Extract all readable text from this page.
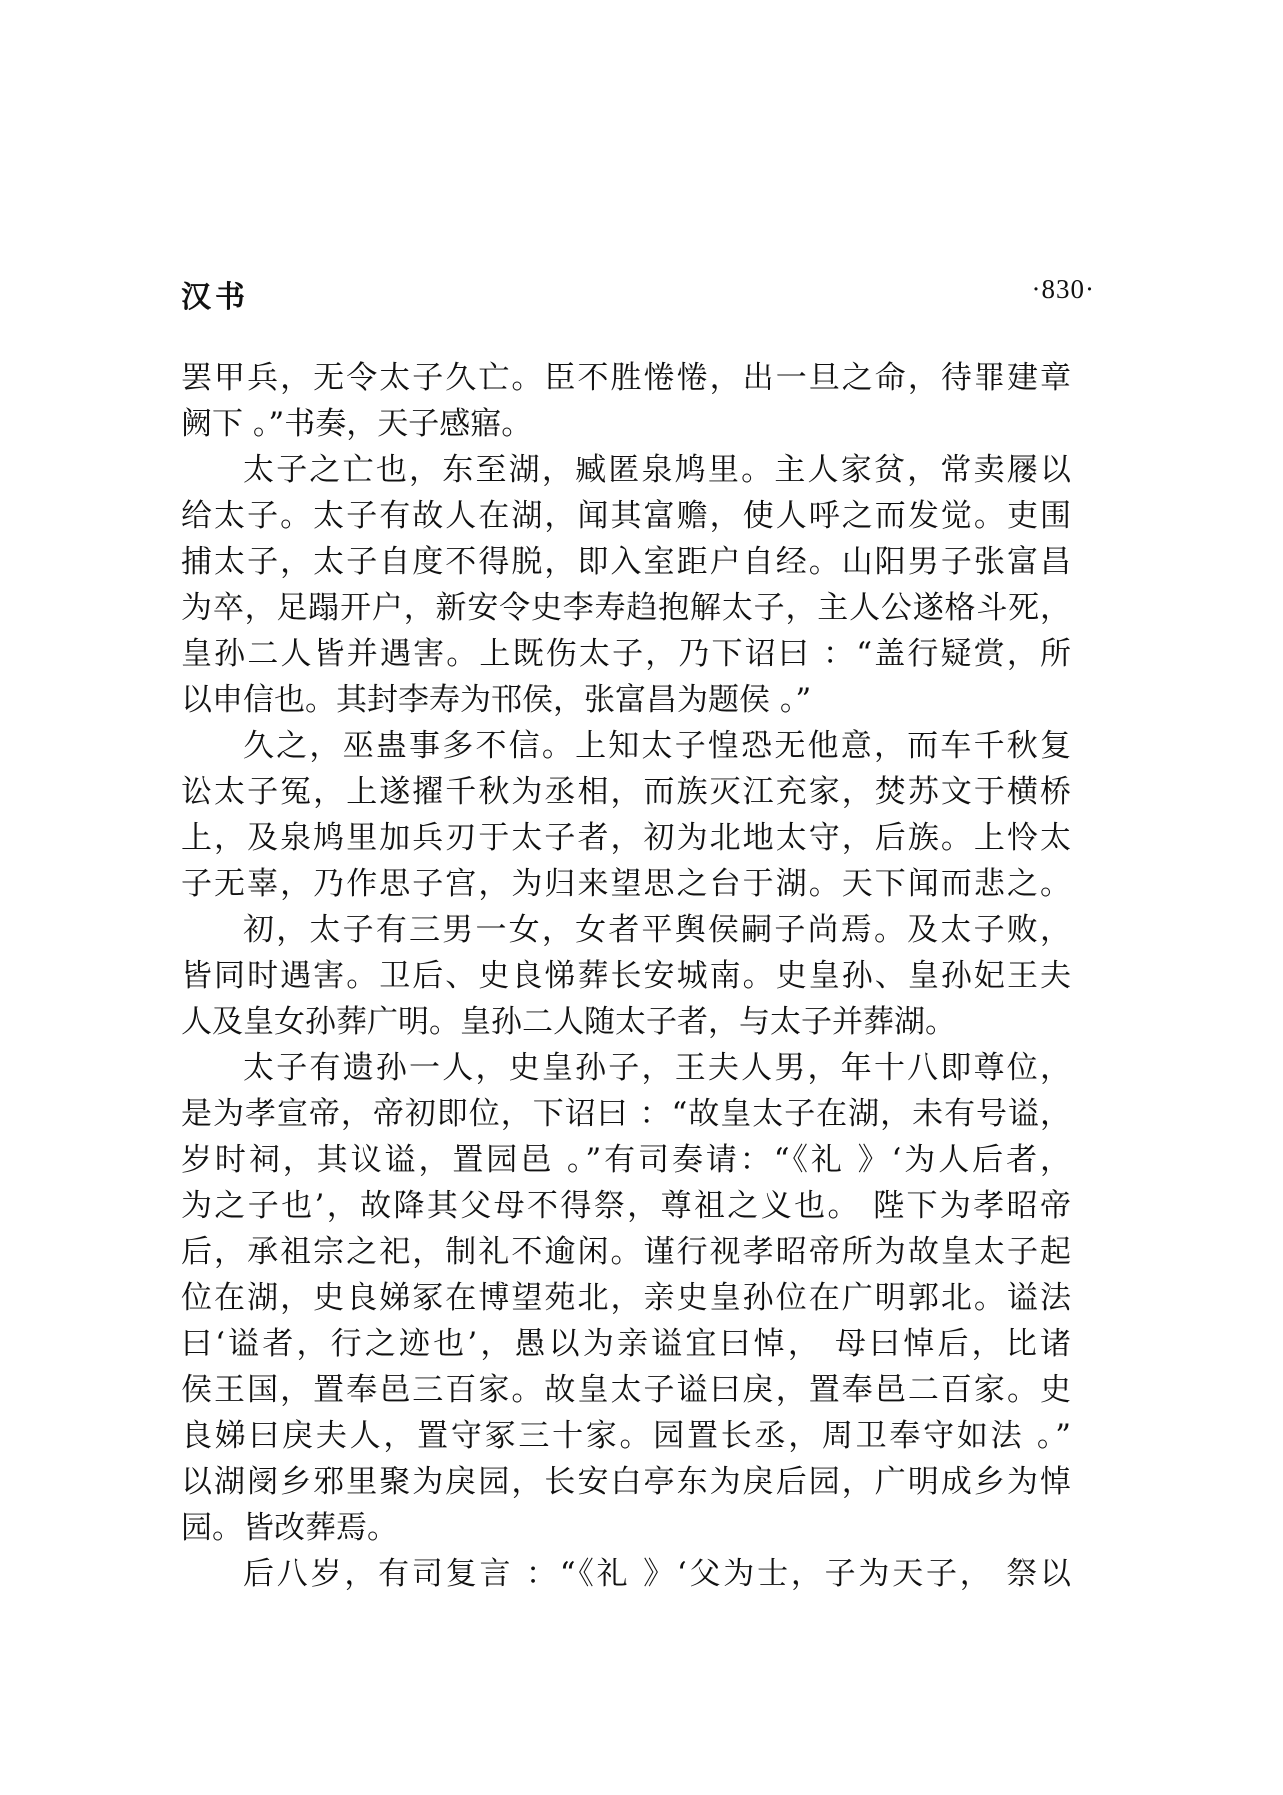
汉书	·830·
罢甲兵，无令太子久亡。臣不胜惓惓，出一旦之命，待罪建章
阙下 。”书奏，天子感寤。
太子之亡也，东至湖，臧匿泉鸠里。主人家贫，常卖屦以
给太子。太子有故人在湖，闻其富赡，使人呼之而发觉。吏围
捕太子，太子自度不得脱，即入室距户自经。山阳男子张富昌
为卒，足蹋开户，新安令史李寿趋抱解太子，主人公遂格斗死，
皇孙二人皆并遇害。上既伤太子，乃下诏曰 ：“盖行疑赏，所
以申信也。其封李寿为邗侯，张富昌为题侯 。”
久之，巫蛊事多不信。上知太子惶恐无他意，而车千秋复
讼太子冤，上遂擢千秋为丞相，而族灭江充家，焚苏文于横桥
上，及泉鸠里加兵刃于太子者，初为北地太守，后族。上怜太
子无辜，乃作思子宫，为归来望思之台于湖。天下闻而悲之。
初，太子有三男一女，女者平舆侯嗣子尚焉。及太子败，
皆同时遇害。卫后、史良悌葬长安城南。史皇孙、皇孙妃王夫
人及皇女孙葬广明。皇孙二人随太子者，与太子并葬湖。
太子有遗孙一人，史皇孙子，王夫人男，年十八即尊位，
是为孝宣帝，帝初即位，下诏曰 ：“故皇太子在湖，未有号谥，
岁时祠，其议谥，置园邑 。”有司奏请：“《礼 》‘为人后者，
为之子也’，故降其父母不得祭，尊祖之义也。 陛下为孝昭帝
后，承祖宗之祀，制礼不逾闲。谨行视孝昭帝所为故皇太子起
位在湖，史良娣冢在博望苑北，亲史皇孙位在广明郭北。谥法
曰‘谥者，行之迹也’，愚以为亲谥宜曰悼， 母曰悼后，比诸
侯王国，置奉邑三百家。故皇太子谥曰戾，置奉邑二百家。史
良娣曰戾夫人，置守冢三十家。园置长丞，周卫奉守如法 。”
以湖阌乡邪里聚为戾园，长安白亭东为戾后园，广明成乡为悼
园。皆改葬焉。
后八岁，有司复言 ：“《礼 》‘父为士，子为天子， 祭以
